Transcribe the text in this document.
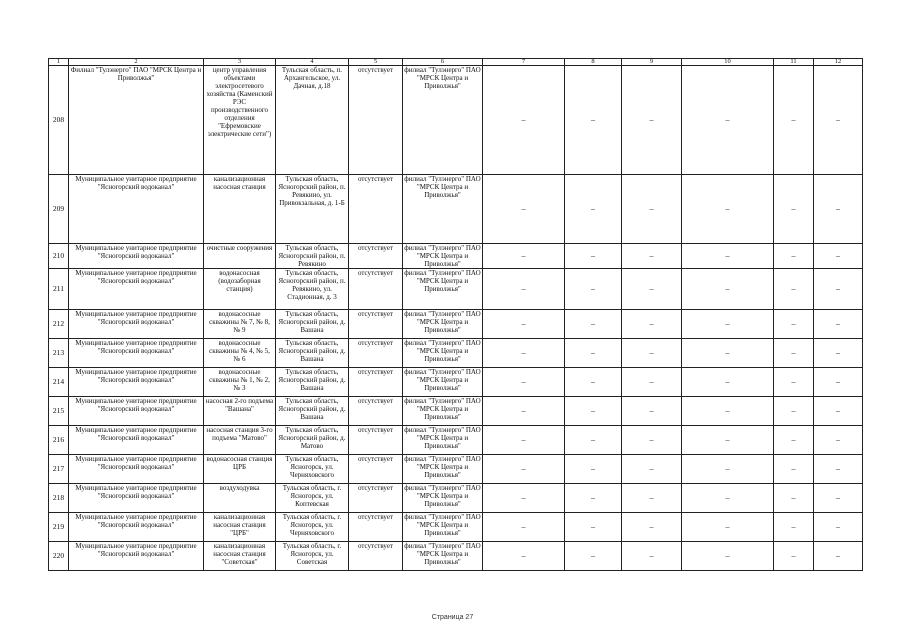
1	2	3	4	5	6	7	8	9	10	11	12
208	Филиал "Тулэнерго" ПАО "МРСК Центра и Приволжья"	центр управления объектами электросетевого хозяйства (Каменский РЭС производственного отделения "Ефремовские электрические сети")	Тульская область, п. Архангельское, ул. Дачная, д.18	отсутствует	филиал "Тулэнерго" ПАО "МРСК Центра и Приволжья"	–	–	–	–	–	–
209	Муниципальное унитарное предприятие "Ясногорский водоканал"	канализационная насосная станция	Тульская область, Ясногорский район, п. Ревякино, ул. Привокзальная, д. 1-Б	отсутствует	филиал "Тулэнерго" ПАО "МРСК Центра и Приволжья"	–	–	–	–	–	–
210	Муниципальное унитарное предприятие "Ясногорский водоканал"	очистные сооружения	Тульская область, Ясногорский район, п. Ревякино	отсутствует	филиал "Тулэнерго" ПАО "МРСК Центра и Приволжья"	–	–	–	–	–	–
211	Муниципальное унитарное предприятие "Ясногорский водоканал"	водонасосная (водозаборная станция)	Тульская область, Ясногорский район, п. Ревякино, ул. Стадионная, д. 3	отсутствует	филиал "Тулэнерго" ПАО "МРСК Центра и Приволжья"	–	–	–	–	–	–
212	Муниципальное унитарное предприятие "Ясногорский водоканал"	водонасосные скважины № 7, № 8, № 9	Тульская область, Ясногорский район, д. Вашана	отсутствует	филиал "Тулэнерго" ПАО "МРСК Центра и Приволжья"	–	–	–	–	–	–
213	Муниципальное унитарное предприятие "Ясногорский водоканал"	водонасосные скважины № 4, № 5, № 6	Тульская область, Ясногорский район, д. Вашана	отсутствует	филиал "Тулэнерго" ПАО "МРСК Центра и Приволжья"	–	–	–	–	–	–
214	Муниципальное унитарное предприятие "Ясногорский водоканал"	водонасосные скважины № 1, № 2, № 3	Тульская область, Ясногорский район, д. Вашана	отсутствует	филиал "Тулэнерго" ПАО "МРСК Центра и Приволжья"	–	–	–	–	–	–
215	Муниципальное унитарное предприятие "Ясногорский водоканал"	насосная 2-го подъема "Вашана"	Тульская область, Ясногорский район, д. Вашана	отсутствует	филиал "Тулэнерго" ПАО "МРСК Центра и Приволжья"	–	–	–	–	–	–
216	Муниципальное унитарное предприятие "Ясногорский водоканал"	насосная станция 3-го подъема "Матово"	Тульская область, Ясногорский район, д. Матово	отсутствует	филиал "Тулэнерго" ПАО "МРСК Центра и Приволжья"	–	–	–	–	–	–
217	Муниципальное унитарное предприятие "Ясногорский водоканал"	водонасосная станция ЦРБ	Тульская область, Ясногорск, ул. Черняховского	отсутствует	филиал "Тулэнерго" ПАО "МРСК Центра и Приволжья"	–	–	–	–	–	–
218	Муниципальное унитарное предприятие "Ясногорский водоканал"	воздуходувка	Тульская область, г. Ясногорск, ул. Коптевская	отсутствует	филиал "Тулэнерго" ПАО "МРСК Центра и Приволжья"	–	–	–	–	–	–
219	Муниципальное унитарное предприятие "Ясногорский водоканал"	канализационная насосная станция "ЦРБ"	Тульская область, г. Ясногорск, ул. Черняховского	отсутствует	филиал "Тулэнерго" ПАО "МРСК Центра и Приволжья"	–	–	–	–	–	–
220	Муниципальное унитарное предприятие "Ясногорский водоканал"	канализационная насосная станция "Советская"	Тульская область, г. Ясногорск, ул. Советская	отсутствует	филиал "Тулэнерго" ПАО "МРСК Центра и Приволжья"	–	–	–	–	–	–
Страница 27
